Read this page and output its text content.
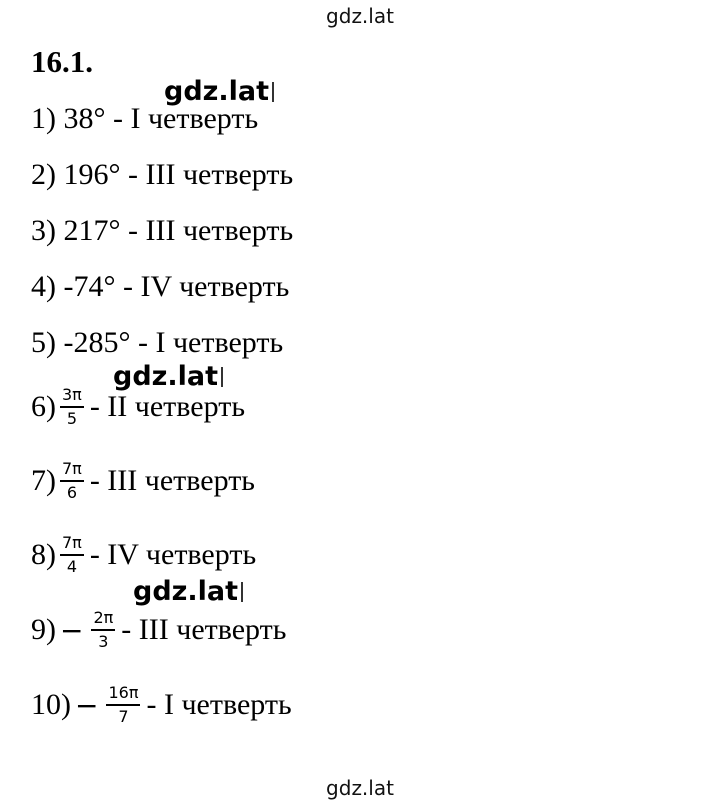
gdz.lat
16.1.
gdz.lat
gdz.lat
gdz.lat
1) 38° - I четверть
2) 196° - III четверть
3) 217° - III четверть
4) -74° - IV четверть
5) -285° - I четверть
$6) \frac{3\pi}{5}$ - II четверть
$7) \frac{7\pi}{6}$ - III четверть
$8) \frac{7\pi}{4}$ - IV четверть
$9) - \frac{2\pi}{3}$ - III четверть
$10) - \frac{16\pi}{7} - I$ четверть
gdz.lat
